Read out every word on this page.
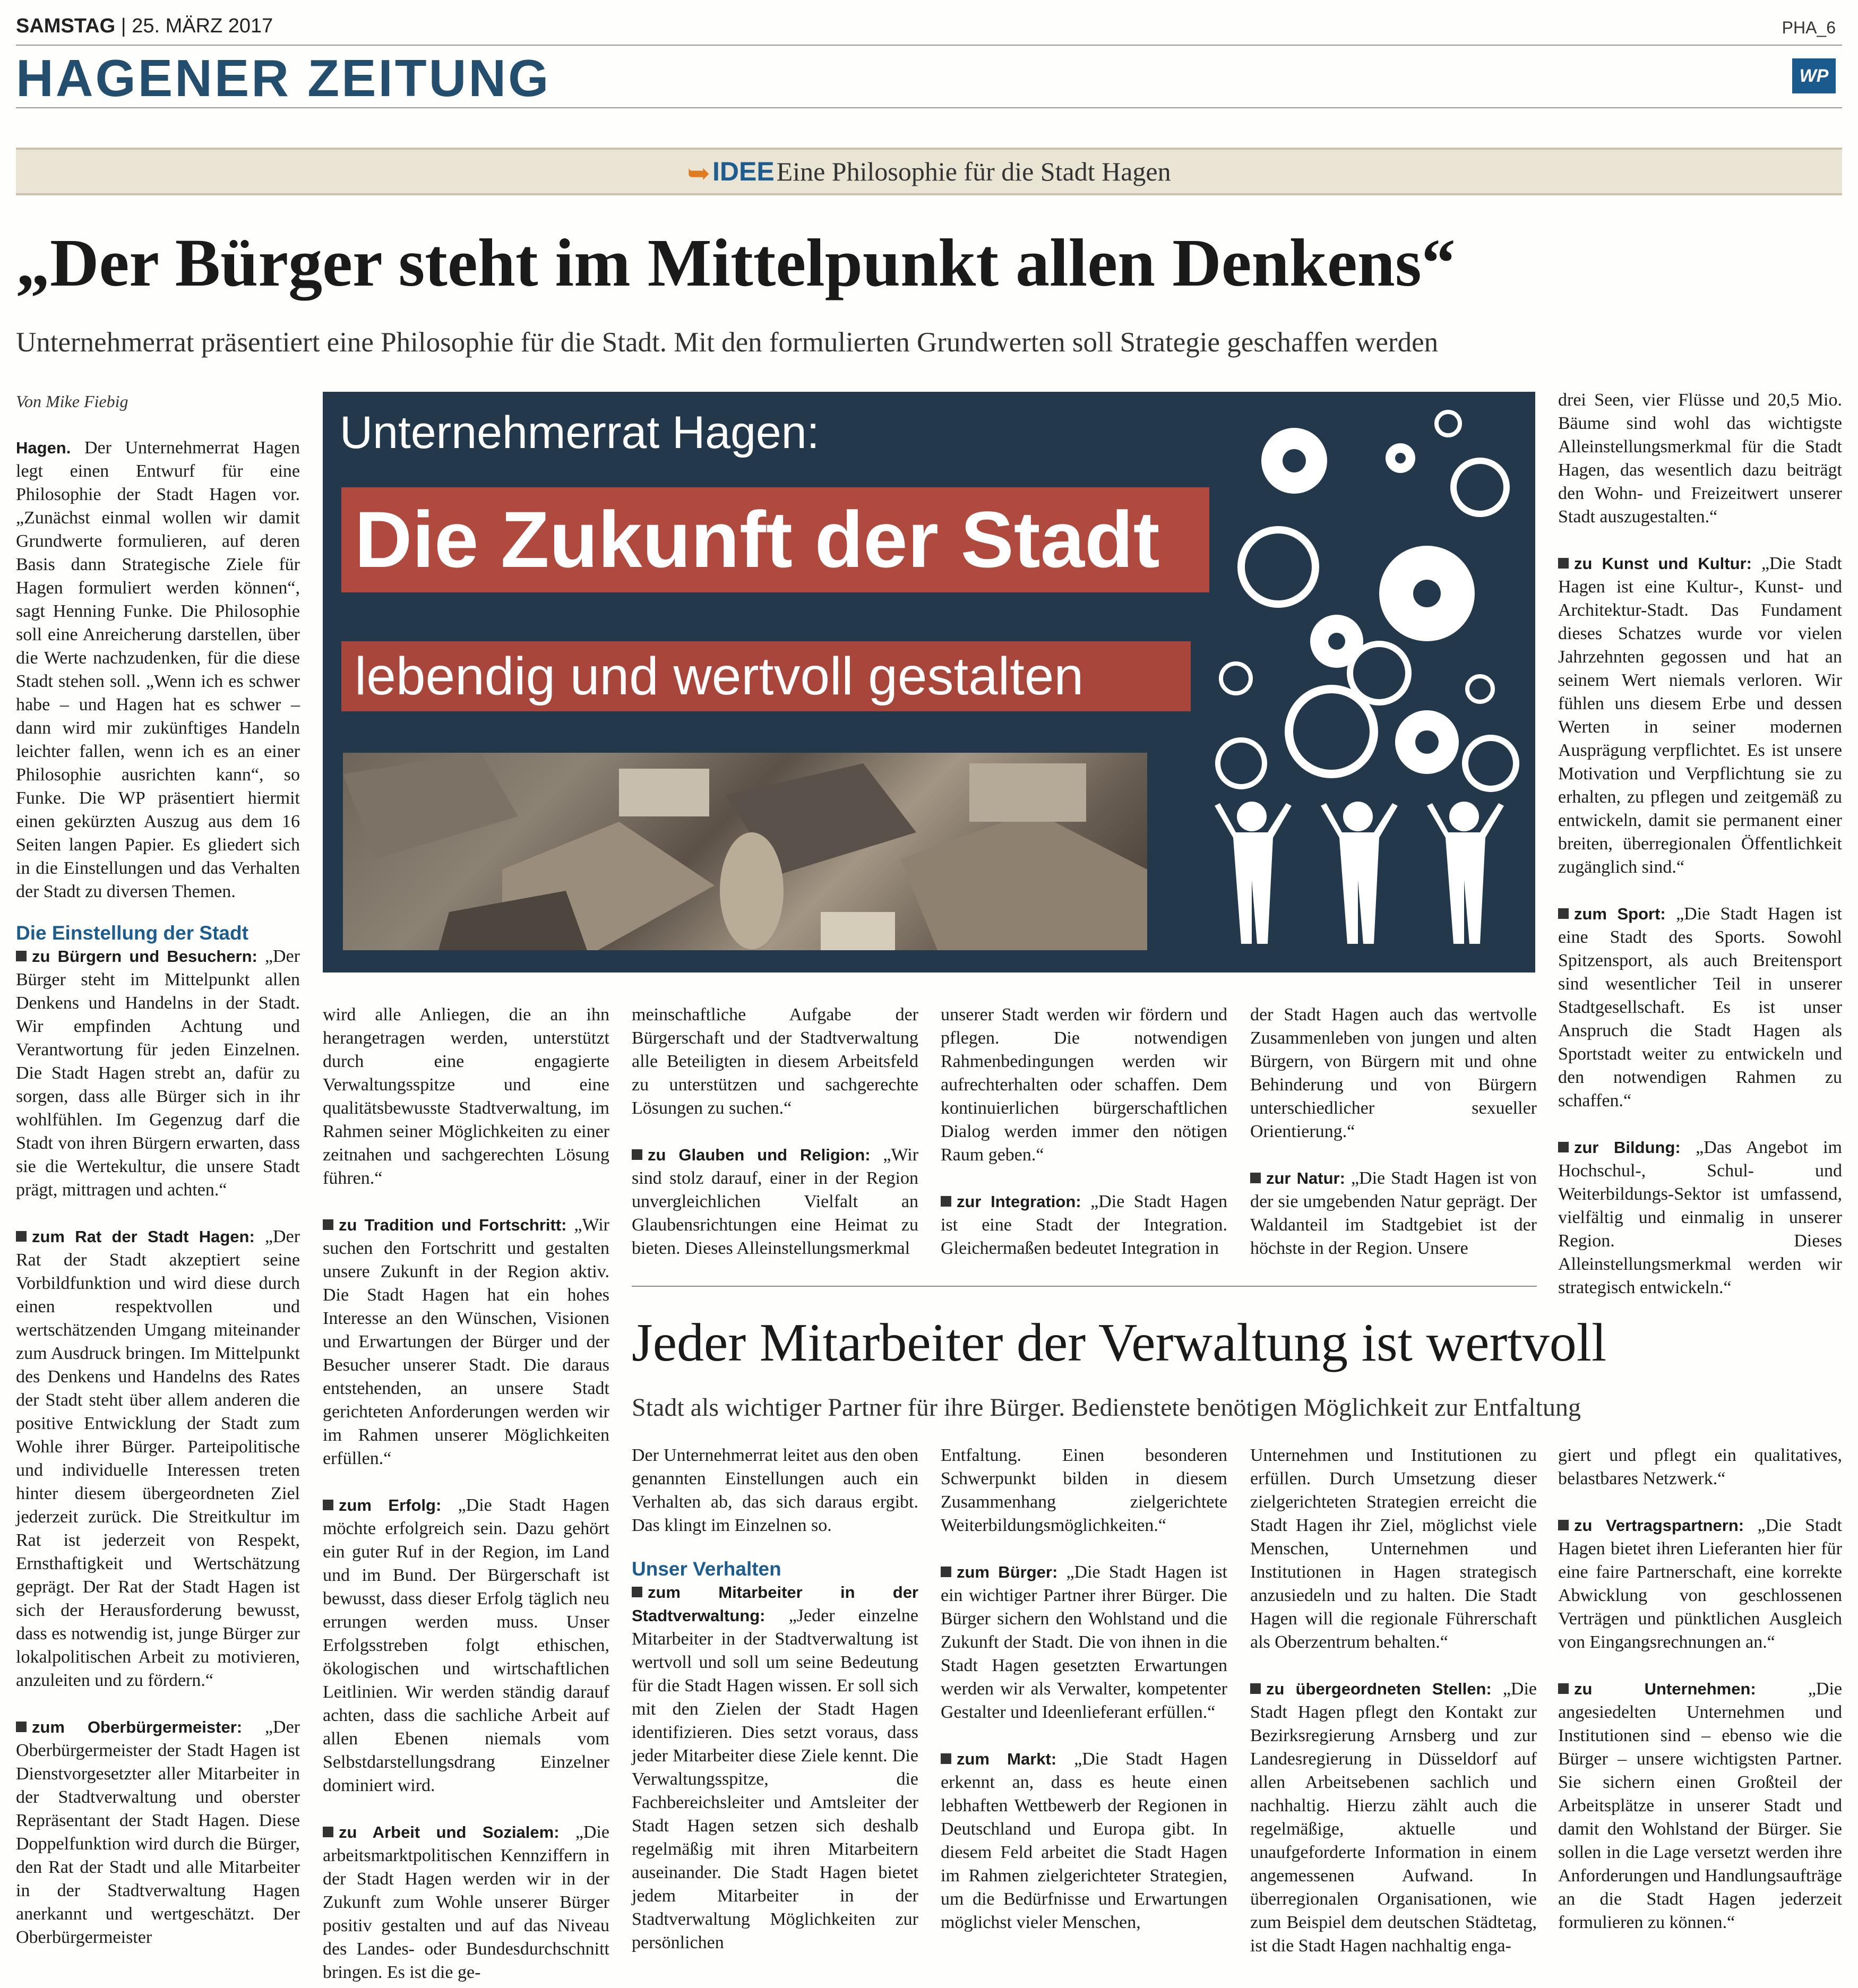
SAMSTAG | 25. MÄRZ 2017	PHA_6
HAGENER ZEITUNG	WP
➥ IDEE Eine Philosophie für die Stadt Hagen
„Der Bürger steht im Mittelpunkt allen Denkens“
Unternehmerrat präsentiert eine Philosophie für die Stadt. Mit den formulierten Grundwerten soll Strategie geschaffen werden
Von Mike Fiebig

Hagen. Der Unternehmerrat Hagen legt einen Entwurf für eine Philosophie der Stadt Hagen vor. „Zunächst einmal wollen wir damit Grundwerte formulieren, auf deren Basis dann Strategische Ziele für Hagen formuliert werden können“, sagt Henning Funke. Die Philosophie soll eine Anreicherung darstellen, über die Werte nachzudenken, für die diese Stadt stehen soll. „Wenn ich es schwer habe – und Hagen hat es schwer – dann wird mir zukünftiges Handeln leichter fallen, wenn ich es an einer Philosophie ausrichten kann“, so Funke. Die WP präsentiert hiermit einen gekürzten Auszug aus dem 16 Seiten langen Papier. Es gliedert sich in die Einstellungen und das Verhalten der Stadt zu diversen Themen.

Die Einstellung der Stadt

zu Bürgern und Besuchern: „Der Bürger steht im Mittelpunkt allen Denkens und Handelns in der Stadt. Wir empfinden Achtung und Verantwortung für jeden Einzelnen. Die Stadt Hagen strebt an, dafür zu sorgen, dass alle Bürger sich in ihr wohlfühlen. Im Gegenzug darf die Stadt von ihren Bürgern erwarten, dass sie die Wertekultur, die unsere Stadt prägt, mittragen und achten.“

zum Rat der Stadt Hagen: „Der Rat der Stadt akzeptiert seine Vorbildfunktion und wird diese durch einen respektvollen und wertschätzenden Umgang miteinander zum Ausdruck bringen. Im Mittelpunkt des Denkens und Handelns des Rates der Stadt steht über allem anderen die positive Entwicklung der Stadt zum Wohle ihrer Bürger. Parteipolitische und individuelle Interessen treten hinter diesem übergeordneten Ziel jederzeit zurück. Die Streitkultur im Rat ist jederzeit von Respekt, Ernsthaftigkeit und Wertschätzung geprägt. Der Rat der Stadt Hagen ist sich der Herausforderung bewusst, dass es notwendig ist, junge Bürger zur lokalpolitischen Arbeit zu motivieren, anzuleiten und zu fördern.“

zum Oberbürgermeister: „Der Oberbürgermeister der Stadt Hagen ist Dienstvorgesetzter aller Mitarbeiter in der Stadtverwaltung und oberster Repräsentant der Stadt Hagen. Diese Doppelfunktion wird durch die Bürger, den Rat der Stadt und alle Mitarbeiter in der Stadtverwaltung Hagen anerkannt und wertgeschätzt. Der Oberbürgermeister

Unternehmerrat Hagen:
Die Zukunft der Stadt
lebendig und wertvoll gestalten

drei Seen, vier Flüsse und 20,5 Mio. Bäume sind wohl das wichtigste Alleinstellungsmerkmal für die Stadt Hagen, das wesentlich dazu beiträgt den Wohn- und Freizeitwert unserer Stadt auszugestalten.“

zu Kunst und Kultur: „Die Stadt Hagen ist eine Kultur-, Kunst- und Architektur-Stadt. Das Fundament dieses Schatzes wurde vor vielen Jahrzehnten gegossen und hat an seinem Wert niemals verloren. Wir fühlen uns diesem Erbe und dessen Werten in seiner modernen Ausprägung verpflichtet. Es ist unsere Motivation und Verpflichtung sie zu erhalten, zu pflegen und zeitgemäß zu entwickeln, damit sie permanent einer breiten, überregionalen Öffentlichkeit zugänglich sind.“

zum Sport: „Die Stadt Hagen ist eine Stadt des Sports. Sowohl Spitzensport, als auch Breitensport sind wesentlicher Teil in unserer Stadtgesellschaft. Es ist unser Anspruch die Stadt Hagen als Sportstadt weiter zu entwickeln und den notwendigen Rahmen zu schaffen.“

zur Bildung: „Das Angebot im Hochschul-, Schul- und Weiterbildungs-Sektor ist umfassend, vielfältig und einmalig in unserer Region. Dieses Alleinstellungsmerkmal werden wir strategisch entwickeln.“

wird alle Anliegen, die an ihn herangetragen werden, unterstützt durch eine engagierte Verwaltungsspitze und eine qualitätsbewusste Stadtverwaltung, im Rahmen seiner Möglichkeiten zu einer zeitnahen und sachgerechten Lösung führen.“

zu Tradition und Fortschritt: „Wir suchen den Fortschritt und gestalten unsere Zukunft in der Region aktiv. Die Stadt Hagen hat ein hohes Interesse an den Wünschen, Visionen und Erwartungen der Bürger und der Besucher unserer Stadt. Die daraus entstehenden, an unsere Stadt gerichteten Anforderungen werden wir im Rahmen unserer Möglichkeiten erfüllen.“

zum Erfolg: „Die Stadt Hagen möchte erfolgreich sein. Dazu gehört ein guter Ruf in der Region, im Land und im Bund. Der Bürgerschaft ist bewusst, dass dieser Erfolg täglich neu errungen werden muss. Unser Erfolgsstreben folgt ethischen, ökologischen und wirtschaftlichen Leitlinien. Wir werden ständig darauf achten, dass die sachliche Arbeit auf allen Ebenen niemals vom Selbstdarstellungsdrang Einzelner dominiert wird.

zu Arbeit und Sozialem: „Die arbeitsmarktpolitischen Kennziffern in der Stadt Hagen werden wir in der Zukunft zum Wohle unserer Bürger positiv gestalten und auf das Niveau des Landes- oder Bundesdurchschnitt bringen. Es ist die ge-

meinschaftliche Aufgabe der Bürgerschaft und der Stadtverwaltung alle Beteiligten in diesem Arbeitsfeld zu unterstützen und sachgerechte Lösungen zu suchen.“

zu Glauben und Religion: „Wir sind stolz darauf, einer in der Region unvergleichlichen Vielfalt an Glaubensrichtungen eine Heimat zu bieten. Dieses Alleinstellungsmerkmal

unserer Stadt werden wir fördern und pflegen. Die notwendigen Rahmenbedingungen werden wir aufrechterhalten oder schaffen. Dem kontinuierlichen bürgerschaftlichen Dialog werden immer den nötigen Raum geben.“

zur Integration: „Die Stadt Hagen ist eine Stadt der Integration. Gleichermaßen bedeutet Integration in

der Stadt Hagen auch das wertvolle Zusammenleben von jungen und alten Bürgern, von Bürgern mit und ohne Behinderung und von Bürgern unterschiedlicher sexueller Orientierung.“

zur Natur: „Die Stadt Hagen ist von der sie umgebenden Natur geprägt. Der Waldanteil im Stadtgebiet ist der höchste in der Region. Unsere

Jeder Mitarbeiter der Verwaltung ist wertvoll
Stadt als wichtiger Partner für ihre Bürger. Bedienstete benötigen Möglichkeit zur Entfaltung

Der Unternehmerrat leitet aus den oben genannten Einstellungen auch ein Verhalten ab, das sich daraus ergibt. Das klingt im Einzelnen so.

Unser Verhalten

zum Mitarbeiter in der Stadtverwaltung: „Jeder einzelne Mitarbeiter in der Stadtverwaltung ist wertvoll und soll um seine Bedeutung für die Stadt Hagen wissen. Er soll sich mit den Zielen der Stadt Hagen identifizieren. Dies setzt voraus, dass jeder Mitarbeiter diese Ziele kennt. Die Verwaltungsspitze, die Fachbereichsleiter und Amtsleiter der Stadt Hagen setzen sich deshalb regelmäßig mit ihren Mitarbeitern auseinander. Die Stadt Hagen bietet jedem Mitarbeiter in der Stadtverwaltung Möglichkeiten zur persönlichen

Entfaltung. Einen besonderen Schwerpunkt bilden in diesem Zusammenhang zielgerichtete Weiterbildungsmöglichkeiten.“

zum Bürger: „Die Stadt Hagen ist ein wichtiger Partner ihrer Bürger. Die Bürger sichern den Wohlstand und die Zukunft der Stadt. Die von ihnen in die Stadt Hagen gesetzten Erwartungen werden wir als Verwalter, kompetenter Gestalter und Ideenlieferant erfüllen.“

zum Markt: „Die Stadt Hagen erkennt an, dass es heute einen lebhaften Wettbewerb der Regionen in Deutschland und Europa gibt. In diesem Feld arbeitet die Stadt Hagen im Rahmen zielgerichteter Strategien, um die Bedürfnisse und Erwartungen möglichst vieler Menschen,

Unternehmen und Institutionen zu erfüllen. Durch Umsetzung dieser zielgerichteten Strategien erreicht die Stadt Hagen ihr Ziel, möglichst viele Menschen, Unternehmen und Institutionen in Hagen strategisch anzusiedeln und zu halten. Die Stadt Hagen will die regionale Führerschaft als Oberzentrum behalten.“

zu übergeordneten Stellen: „Die Stadt Hagen pflegt den Kontakt zur Bezirksregierung Arnsberg und zur Landesregierung in Düsseldorf auf allen Arbeitsebenen sachlich und nachhaltig. Hierzu zählt auch die regelmäßige, aktuelle und unaufgeforderte Information in einem angemessenen Aufwand. In überregionalen Organisationen, wie zum Beispiel dem deutschen Städtetag, ist die Stadt Hagen nachhaltig enga-

giert und pflegt ein qualitatives, belastbares Netzwerk.“

zu Vertragspartnern: „Die Stadt Hagen bietet ihren Lieferanten hier für eine faire Partnerschaft, eine korrekte Abwicklung von geschlossenen Verträgen und pünktlichen Ausgleich von Eingangsrechnungen an.“

zu Unternehmen:	„Die angesiedelten Unternehmen und Institutionen sind – ebenso wie die Bürger – unsere wichtigsten Partner. Sie sichern einen Großteil der Arbeitsplätze in unserer Stadt und damit den Wohlstand der Bürger. Sie sollen in die Lage versetzt werden ihre Anforderungen und Handlungsaufträge an die Stadt Hagen jederzeit formulieren zu können.“
